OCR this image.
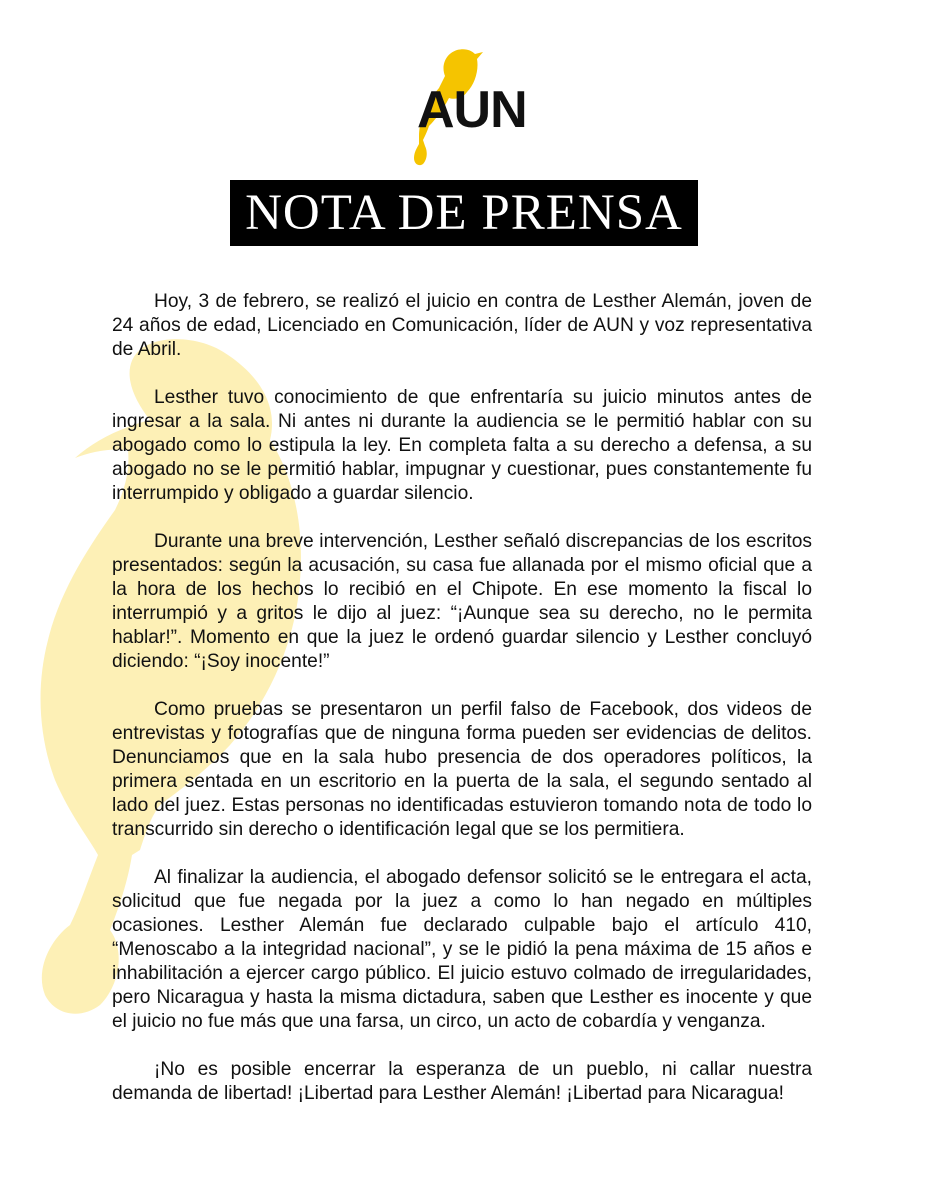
AUN
NOTA DE PRENSA

Hoy, 3 de febrero, se realizó el juicio en contra de Lesther Alemán, joven de 24 años de edad, Licenciado en Comunicación, líder de AUN y voz representativa de Abril.

Lesther tuvo conocimiento de que enfrentaría su juicio minutos antes de ingresar a la sala. Ni antes ni durante la audiencia se le permitió hablar con su abogado como lo estipula la ley. En completa falta a su derecho a defensa, a su abogado no se le permitió hablar, impugnar y cuestionar, pues constantemente fu interrumpido y obligado a guardar silencio.

Durante una breve intervención, Lesther señaló discrepancias de los escritos presentados: según la acusación, su casa fue allanada por el mismo oficial que a la hora de los hechos lo recibió en el Chipote. En ese momento la fiscal lo interrumpió y a gritos le dijo al juez: “¡Aunque sea su derecho, no le permita hablar!”. Momento en que la juez le ordenó guardar silencio y Lesther concluyó diciendo: “¡Soy inocente!”

Como pruebas se presentaron un perfil falso de Facebook, dos videos de entrevistas y fotografías que de ninguna forma pueden ser evidencias de delitos. Denunciamos que en la sala hubo presencia de dos operadores políticos, la primera sentada en un escritorio en la puerta de la sala, el segundo sentado al lado del juez. Estas personas no identificadas estuvieron tomando nota de todo lo transcurrido sin derecho o identificación legal que se los permitiera.

Al finalizar la audiencia, el abogado defensor solicitó se le entregara el acta, solicitud que fue negada por la juez a como lo han negado en múltiples ocasiones. Lesther Alemán fue declarado culpable bajo el artículo 410, “Menoscabo a la integridad nacional”, y se le pidió la pena máxima de 15 años e inhabilitación a ejercer cargo público. El juicio estuvo colmado de irregularidades, pero Nicaragua y hasta la misma dictadura, saben que Lesther es inocente y que el juicio no fue más que una farsa, un circo, un acto de cobardía y venganza.

¡No es posible encerrar la esperanza de un pueblo, ni callar nuestra demanda de libertad! ¡Libertad para Lesther Alemán! ¡Libertad para Nicaragua!
